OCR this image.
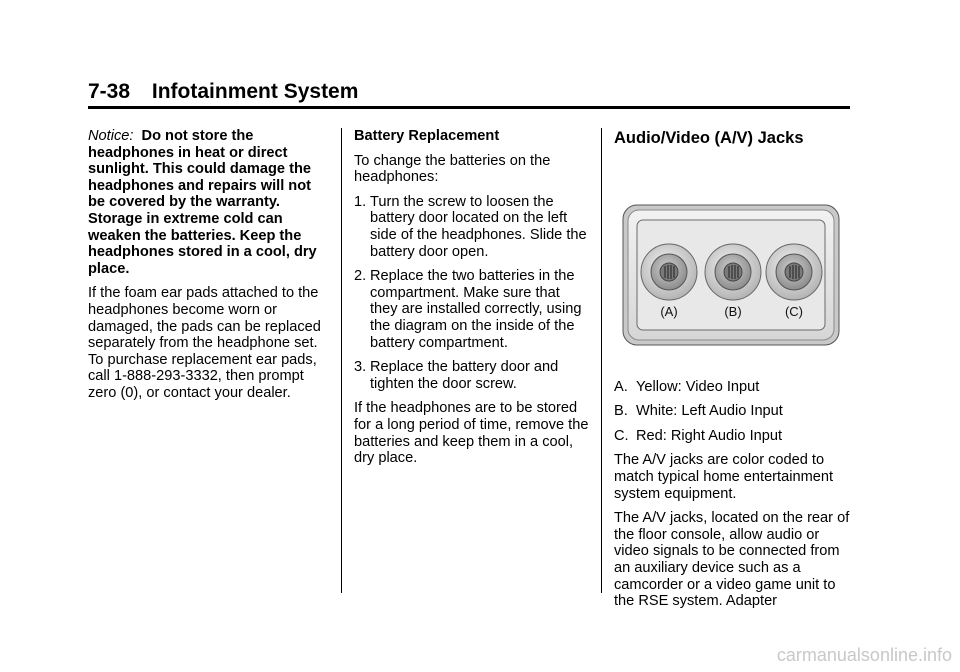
7-38 Infotainment System

Notice: Do not store the headphones in heat or direct sunlight. This could damage the headphones and repairs will not be covered by the warranty. Storage in extreme cold can weaken the batteries. Keep the headphones stored in a cool, dry place.

If the foam ear pads attached to the headphones become worn or damaged, the pads can be replaced separately from the headphone set. To purchase replacement ear pads, call 1-888-293-3332, then prompt zero (0), or contact your dealer.

Battery Replacement

To change the batteries on the headphones:

1. Turn the screw to loosen the battery door located on the left side of the headphones. Slide the battery door open.
2. Replace the two batteries in the compartment. Make sure that they are installed correctly, using the diagram on the inside of the battery compartment.
3. Replace the battery door and tighten the door screw.

If the headphones are to be stored for a long period of time, remove the batteries and keep them in a cool, dry place.

Audio/Video (A/V) Jacks

(A)	(B)	(C)
A. Yellow: Video Input
B. White: Left Audio Input
C. Red: Right Audio Input

The A/V jacks are color coded to match typical home entertainment system equipment.

The A/V jacks, located on the rear of the floor console, allow audio or video signals to be connected from an auxiliary device such as a camcorder or a video game unit to the RSE system. Adapter

carmanualsonline.info
